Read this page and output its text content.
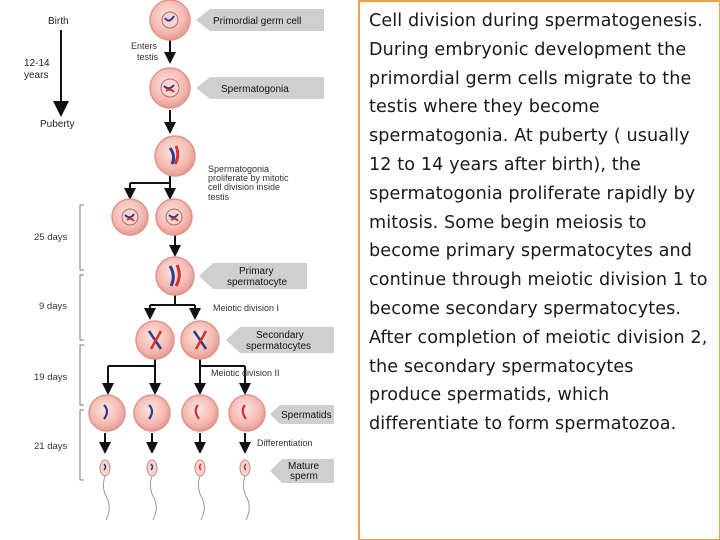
Birth
12-14
years
Puberty
25 days
9 days
19 days
21 days
Enters
testis
Primordial germ cell
Spermatogonia
Primary
spermatocyte
Secondary
spermatocytes
Spermatids
Mature
sperm
Spermatogonia
proliferate by mitotic
cell division inside
testis
Meiotic division I
Meiotic division II
Differentiation

Cell division during spermatogenesis. During embryonic development the primordial germ cells migrate to the testis where they become spermatogonia. At puberty ( usually 12 to 14 years after birth), the spermatogonia proliferate rapidly by mitosis. Some begin meiosis to become primary spermatocytes and continue through meiotic division 1 to become secondary spermatocytes. After completion of meiotic division 2, the secondary spermatocytes produce spermatids, which differentiate to form spermatozoa.
